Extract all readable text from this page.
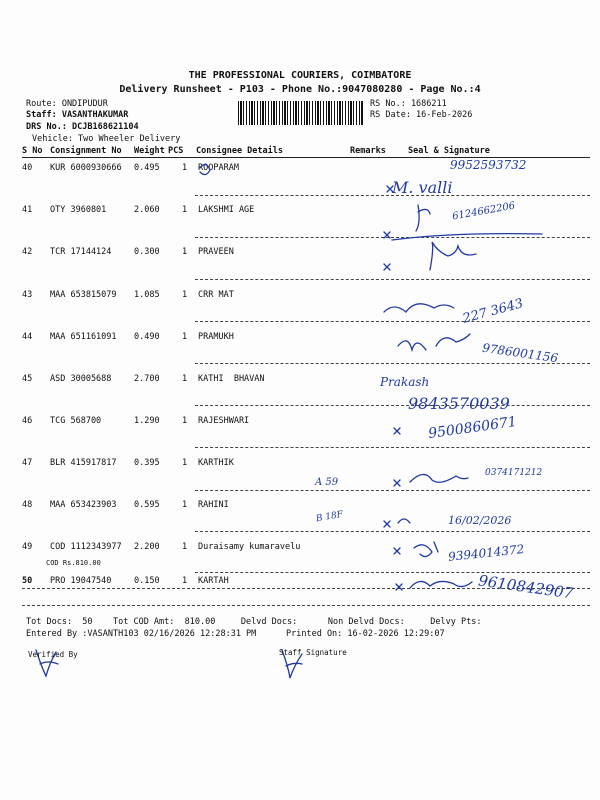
THE PROFESSIONAL COURIERS, COIMBATORE
Delivery Runsheet - P103 - Phone No.:9047080280 - Page No.:4
Route: ONDIPUDUR
Staff: VASANTHAKUMAR
DRS No.: DCJB168621104
Vehicle: Two Wheeler Delivery
RS No.: 1686211
RS Date: 16-Feb-2026
S No Consignment No Weight PCS Consignee Details	Remarks	Seal & Signature
40 KUR 6000930666 0.495	1 ROOPARAM
41 OTY 3960801	2.060	1 LAKSHMI AGE
42 TCR 17144124	0.300	1 PRAVEEN
43 MAA 653815079 1.085	1 CRR MAT
44 MAA 651161091 0.490	1 PRAMUKH
45 ASD 30005688	2.700	1 KATHI  BHAVAN
46 TCG 568700	1.290	1 RAJESHWARI
47 BLR 415917817 0.395	1 KARTHIK
48 MAA 653423903 0.595	1 RAHINI
49 COD 1112343977 2.200	1 Duraisamy kumaravelu
COD Rs.810.00
50 PRO 19047540	0.150	1 KARTAH
9952593732
M. valli
6124662206
227 3643
9786001156
Prakash
9843570039
9500860671
0374171212
A 59
16/02/2026
B 18F
9394014372
9610842907
Tot Docs:  50    Tot COD Amt:  810.00     Delvd Docs:      Non Delvd Docs:     Delvy Pts:
Entered By :VASANTH103 02/16/2026 12:28:31 PM	Printed On: 16-02-2026 12:29:07
Verified By	Staff Signature
